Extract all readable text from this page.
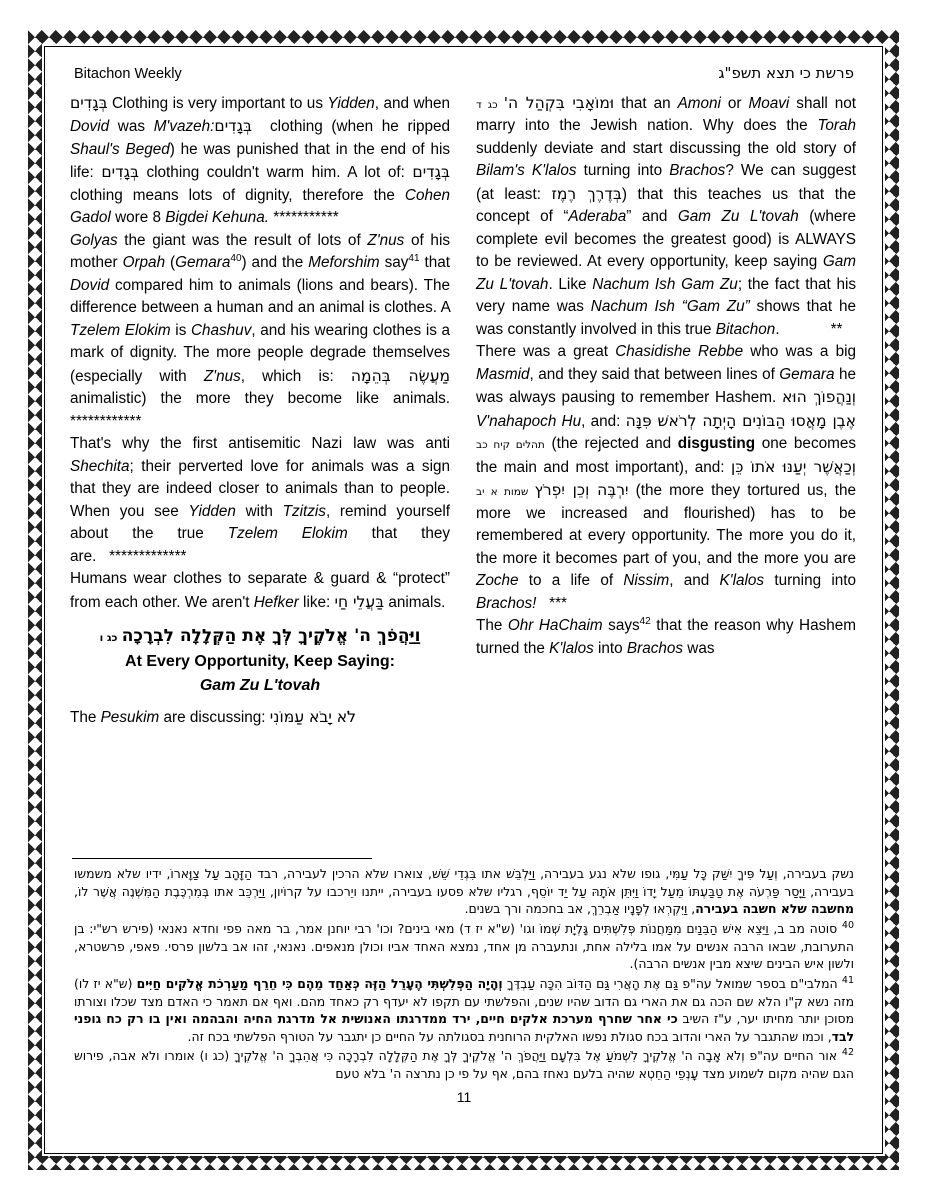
Bitachon Weekly	פרשת כי תצא תשפ"ג

בְּגָדִים Clothing is very important to us Yidden, and when Dovid was M'vazeh: בְּגָדִים clothing (when he ripped Shaul's Beged) he was punished that in the end of his life: בְּגָדִים clothing couldn't warm him. A lot of: בְּגָדִים clothing means lots of dignity, therefore the Cohen Gadol wore 8 Bigdei Kehuna. ***********

Golyas the giant was the result of lots of Z'nus of his mother Orpah (Gemara$^{40}$) and the Meforshim say$^{41}$ that Dovid compared him to animals (lions and bears). The difference between a human and an animal is clothes. A Tzelem Elokim is Chashuv, and his wearing clothes is a mark of dignity. The more people degrade themselves (especially with Z'nus, which is: מַעֲשֶׂה בְּהֵמָה animalistic) the more they become like animals. ************

That's why the first antisemitic Nazi law was anti Shechita; their perverted love for animals was a sign that they are indeed closer to animals than to people. When you see Yidden with Tzitzis, remind yourself about the true Tzelem Elokim that they are. *************

Humans wear clothes to separate & guard & “protect” from each other. We aren't Hefker like: בַּעֲלֵי חַי animals.

וַיַּהֲפֹךְ ה' אֱלֹקֶיךָ לְּךָ אֶת הַקְּלָלָה לִבְרָכָה כג ו
At Every Opportunity, Keep Saying:
Gam Zu L'tovah

The Pesukim are discussing: לֹא יָבֹא עַמּוֹנִי

וּמוֹאָבִי בִּקְהַל ה' כג ד	that an Amoni or Moavi shall not marry into the Jewish nation. Why does the Torah suddenly deviate and start discussing the old story of Bilam's K'lalos turning into Brachos? We can suggest (at least: בְּדֶרֶךְ רֶמֶז) that this teaches us that the concept of “Aderaba” and Gam Zu L'tovah (where complete evil becomes the greatest good) is ALWAYS to be reviewed. At every opportunity, keep saying Gam Zu L'tovah. Like Nachum Ish Gam Zu; the fact that his very name was Nachum Ish “Gam Zu” shows that he was constantly involved in this true Bitachon.	**

There was a great Chasidishe Rebbe who was a big Masmid, and they said that between lines of Gemara he was always pausing to remember Hashem. וְנַהֲפוֹךְ הוּא V'nahapoch Hu, and: אֶבֶן מָאֲסוּ הַבּוֹנִים הָיְתָה לְרֹאשׁ פִּנָּה תהלים קיח כב (the rejected and disgusting one becomes the main and most important), and: וְכַאֲשֶׁר יְעַנּוּ אֹתוֹ כֵּן יִרְבֶּה וְכֵן יִפְרֹץ שמות א יב	(the more they tortured us, the more we increased and flourished) has to be remembered at every opportunity. The more you do it, the more it becomes part of you, and the more you are Zoche to a life of Nissim, and K'lalos turning into Brachos! ***

The Ohr HaChaim says$^{42}$ that the reason why Hashem turned the K'lalos into Brachos was

נשק בעבירה, וְעַל פִּיךָ יִשַּׁק כָּל עַמִּי, גופו שלא נגע בעבירה, וַיַּלְבֵּשׁ אתו בִּגְדֵי שֵׁשׁ, צוארו שלא הרכין לעבירה, רבד הַזָּהָב עַל צַוָּארוֹ, ידיו שלא משמשו בעבירה, וַיָּסַר פַּרְעֹה אֶת טַבַּעְתּוֹ מֵעַל יָדוֹ וַיִּתֵּן אֹתָהּ עַל יַד יוֹסֵף, רגליו שלא פסעו בעבירה, ייתנו ויֵרכבו על קרוֹיון, וַיַּרְכֵּב אתו בְּמִרְכֶּבֶת הַמִּשְׁנֶה אֲשֶׁר לוֹ, מחשבה שלא חשבה בעבירה, וַיִּקְרְאוּ לְפָנָיו אַבְרֵךְ, אב בחכמה ורך בשנים.

$^{40}$ סוטה מב ב, וַיֵּצֵא אִישׁ הַבֵּנַיִם מִמַּחֲנוֹת פְּלִשְׁתִּים גָּלְיָת שְׁמוֹ וגו' (ש"א יז ד) מאי בינים? וכו' רבי יוחנן אמר, בר מאה פפי וחדא נאנאי (פירש רש"י: בן התערובת, שבאו הרבה אנשים על אמו בלילה אחת, ונתעברה מן אחד, נמצא האחד אביו וכולן מנאפים. נאנאי, זהו אב בלשון פרסי. פאפי, פרשטרא, ולשון איש הבינים שיצא מבין אנשים הרבה).

$^{41}$ המלבי"ם בספר שמואל עה"פ גַּם אֶת הָאֲרִי גַּם הַדּוֹב הִכָּה עַבְדֶּךָ וְהָיָה הַפְּלִשְׁתִּי הֶעָרֵל הַזֶּה כְּאַחַד מֵהֶם כִּי חֵרֵף מַעַרְכֹת אֱלֹקִים חַיִּים (ש"א יז לו) מזה נשא ק"ו הלא שם הכה גם את הארי גם הדוב שהיו שנים, והפלשתי עם תקפו לא יעדף רק כאחד מהם. ואף אם תאמר כי האדם מצד שכלו וצורתו מסוכן יותר מחיתו יער, ע"ז השיב כי אחר שחרף מערכת אלקים חיים, ירד ממדרגתו האנושית אל מדרגת החיה והבהמה ואין בו רק כח גופני לבד, וכמו שהתגבר על הארי והדוב בכח סגולת נפשו האלקית הרוחנית בסגולתה על החיים כן יתגבר על הטורף הפלשתי בכח זה.

$^{42}$ אור החיים עה"פ וְלֹא אָבָה ה' אֱלֹקֶיךָ לִשְׁמֹעַ אֶל בִּלְעָם וַיַּהֲפֹךְ ה' אֱלֹקֶיךָ לְּךָ אֶת הַקְּלָלָה לִבְרָכָה כִּי אֲהֵבְךָ ה' אֱלֹקֶיךָ (כג ו) אומרו ולא אבה, פירוש הגם שהיה מקום לשמוע מצד עָנְפֵי הַחֵטְא שהיה בלעם נאחז בהם, אף על פי כן נתרצה ה' בלא טעם

11
